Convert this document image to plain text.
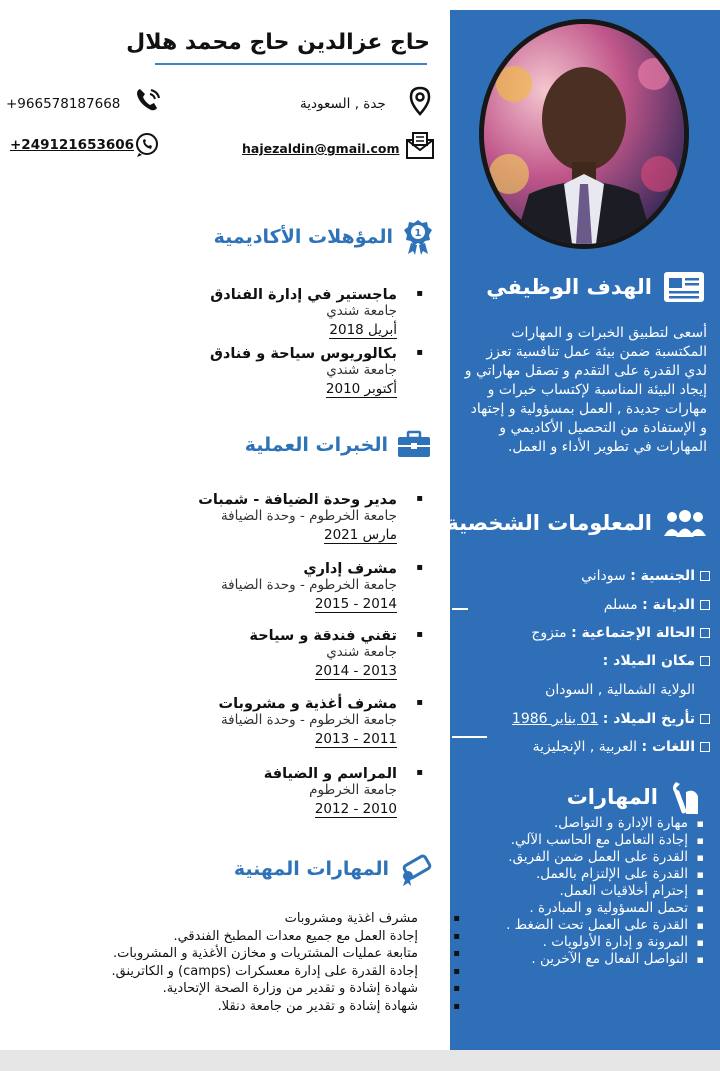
الهدف الوظيفي
أسعى لتطبيق الخبرات و المهارات المكتسبة ضمن بيئة عمل تنافسية تعزز لدي القدرة على التقدم و تصقل مهاراتي و إيجاد البيئة المناسبة لإكتساب خبرات و مهارات جديدة , العمل بمسؤولية و إجتهاد و الإستفادة من التحصيل الأكاديمي و المهارات في تطوير الأداء و العمل.
المعلومات الشخصية
الجنسية : سوداني
الديانة : مسلم
الحالة الإجتماعية : متزوج
مكان الميلاد :
الولاية الشمالية , السودان
تأريخ الميلاد : 01 يناير 1986
اللغات : العربية , الإنجليزية
المهارات
▪ مهارة الإدارة و التواصل.
▪ إجادة التعامل مع الحاسب الآلي.
▪ القدرة على العمل ضمن الفريق.
▪ القدرة على الإلتزام بالعمل.
▪ إحترام أخلاقيات العمل.
▪ تحمل المسؤولية و المبادرة .
▪ القدرة على العمل تحت الضغط .
▪ المرونة و إدارة الأولويات .
▪ التواصل الفعال مع الآخرين .
حاج عزالدين حاج محمد هلال
+966578187668	جدة , السعودية
+249121653606	hajezaldin@gmail.com
1
المؤهلات الأكاديمية
ماجستير في إدارة الفنادق ▪
جامعة شندي
أبريل 2018
بكالوريوس سياحة و فنادق ▪
جامعة شندي
أكتوبر 2010
الخبرات العملية
مدير وحدة الضيافة - شمبات ▪
جامعة الخرطوم - وحدة الضيافة
مارس 2021
مشرف إداري ▪
جامعة الخرطوم - وحدة الضيافة
2014 - 2015
تقني فندقة و سياحة ▪
جامعة شندي
2013 - 2014
مشرف أغذية و مشروبات ▪
جامعة الخرطوم - وحدة الضيافة
2011 - 2013
المراسم و الضيافة ▪
جامعة الخرطوم
2010 - 2012
المهارات المهنية
▪ مشرف اغذية ومشروبات
▪ إجادة العمل مع جميع معدات المطبخ الفندقي.
▪ متابعة عمليات المشتريات و مخازن الأغذية و المشروبات.
▪ إجادة القدرة على إدارة معسكرات (camps) و الكاترينق.
▪ شهادة إشادة و تقدير من وزارة الصحة الإتحادية.
▪ شهادة إشادة و تقدير من جامعة دنقلا.
